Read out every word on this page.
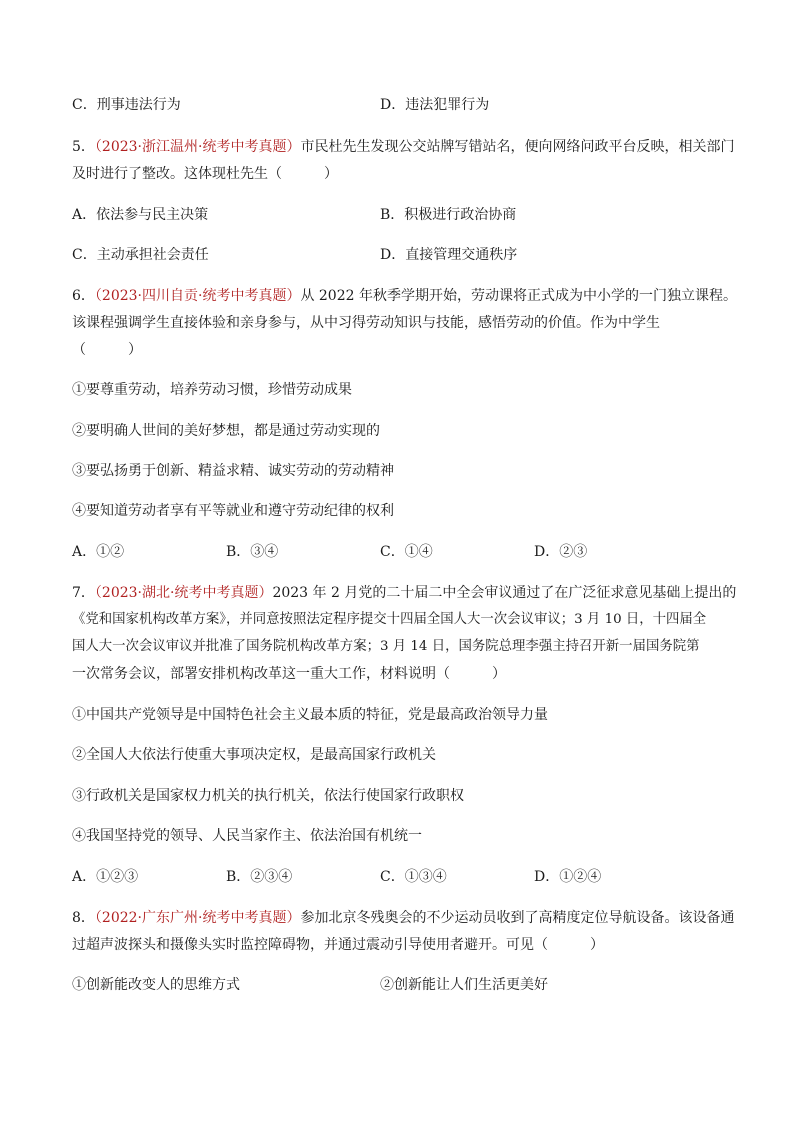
C．刑事违法行为	D．违法犯罪行为
5．（2023·浙江温州·统考中考真题）市民杜先生发现公交站牌写错站名，便向网络问政平台反映，相关部门
及时进行了整改。这体现杜先生（　　　）
A．依法参与民主决策	B．积极进行政治协商
C．主动承担社会责任	D．直接管理交通秩序
6．（2023·四川自贡·统考中考真题）从 2022 年秋季学期开始，劳动课将正式成为中小学的一门独立课程。
该课程强调学生直接体验和亲身参与，从中习得劳动知识与技能，感悟劳动的价值。作为中学生
（　　　）
①要尊重劳动，培养劳动习惯，珍惜劳动成果
②要明确人世间的美好梦想，都是通过劳动实现的
③要弘扬勇于创新、精益求精、诚实劳动的劳动精神
④要知道劳动者享有平等就业和遵守劳动纪律的权利
A．①②	B．③④	C．①④	D．②③
7．（2023·湖北·统考中考真题）2023 年 2 月党的二十届二中全会审议通过了在广泛征求意见基础上提出的
《党和国家机构改革方案》，并同意按照法定程序提交十四届全国人大一次会议审议；3 月 10 日，十四届全
国人大一次会议审议并批准了国务院机构改革方案；3 月 14 日，国务院总理李强主持召开新一届国务院第
一次常务会议，部署安排机构改革这一重大工作，材料说明（　　　）
①中国共产党领导是中国特色社会主义最本质的特征，党是最高政治领导力量
②全国人大依法行使重大事项决定权，是最高国家行政机关
③行政机关是国家权力机关的执行机关，依法行使国家行政职权
④我国坚持党的领导、人民当家作主、依法治国有机统一
A．①②③	B．②③④	C．①③④	D．①②④
8．（2022·广东广州·统考中考真题）参加北京冬残奥会的不少运动员收到了高精度定位导航设备。该设备通
过超声波探头和摄像头实时监控障碍物，并通过震动引导使用者避开。可见（　　　）
①创新能改变人的思维方式	②创新能让人们生活更美好
